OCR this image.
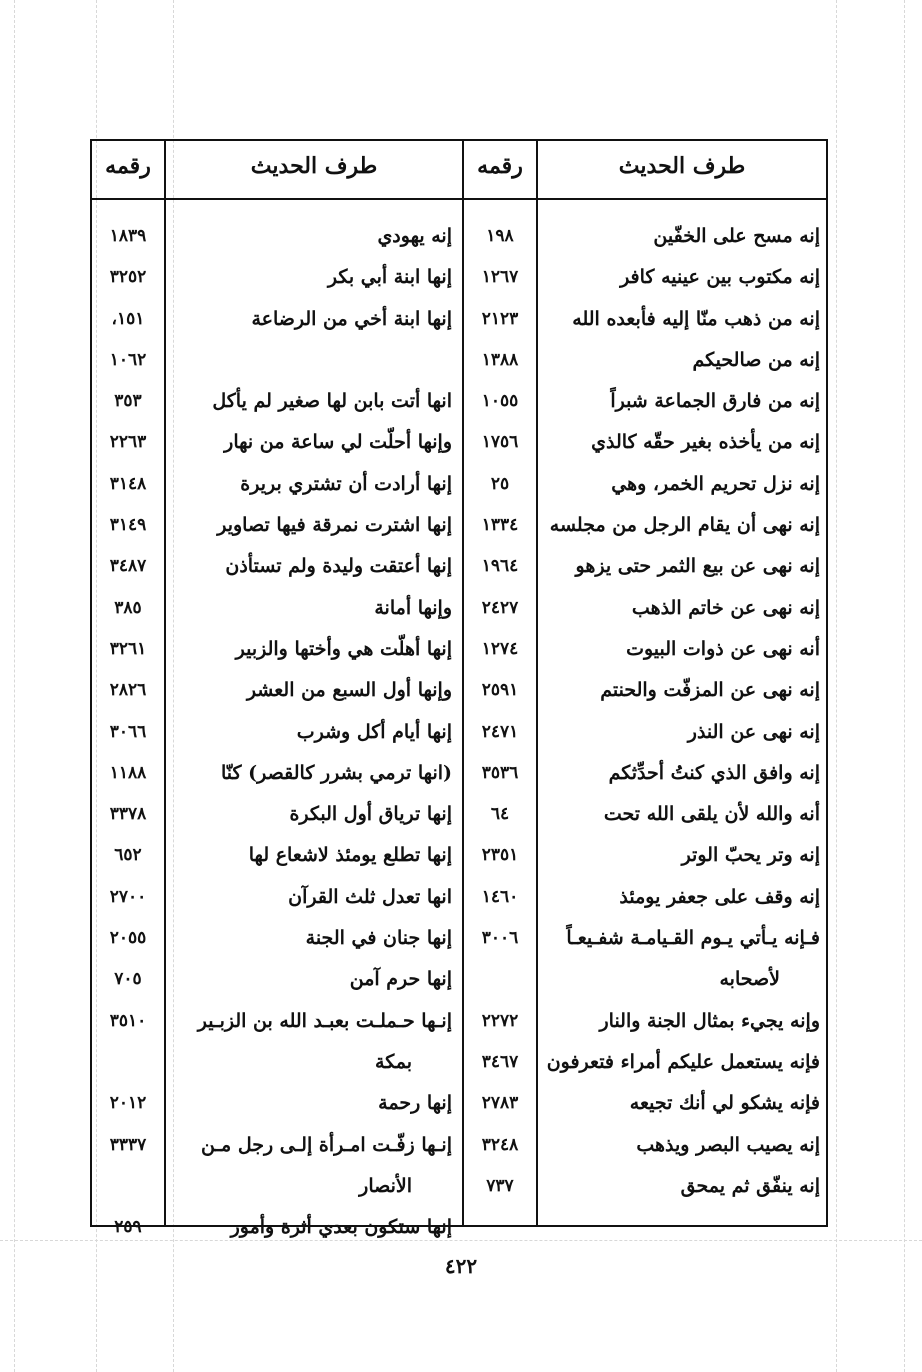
طرف الحديث
رقمه
طرف الحديث
رقمه
إنه مسح على الخفّين
إنه مكتوب بين عينيه كافر
إنه من ذهب منّا إليه فأبعده الله
إنه من صالحيكم
إنه من فارق الجماعة شبراً
إنه من يأخذه بغير حقّه كالذي
إنه نزل تحريم الخمر، وهي
إنه نهى أن يقام الرجل من مجلسه
إنه نهى عن بيع الثمر حتى يزهو
إنه نهى عن خاتم الذهب
أنه نهى عن ذوات البيوت
إنه نهى عن المزفّت والحنتم
إنه نهى عن النذر
إنه وافق الذي كنتُ أحدِّثكم
أنه والله لأن يلقى الله تحت
إنه وتر يحبّ الوتر
إنه وقف على جعفر يومئذ
فـإنه يـأتي يـوم القـيامـة شفـيعـاً
لأصحابه
وإنه يجيء بمثال الجنة والنار
فإنه يستعمل عليكم أمراء فتعرفون
فإنه يشكو لي أنك تجيعه
إنه يصيب البصر ويذهب
إنه ينفّق ثم يمحق
١٩٨
١٢٦٧
٢١٢٣
١٣٨٨
١٠٥٥
١٧٥٦
٢٥
١٣٣٤
١٩٦٤
٢٤٢٧
١٢٧٤
٢٥٩١
٢٤٧١
٣٥٣٦
٦٤
٢٣٥١
١٤٦٠
٣٠٠٦
٢٢٧٢
٣٤٦٧
٢٧٨٣
٣٢٤٨
٧٣٧
إنه يهودي
إنها ابنة أبي بكر
إنها ابنة أخي من الرضاعة
انها أتت بابن لها صغير لم يأكل
وإنها أحلّت لي ساعة من نهار
إنها أرادت أن تشتري بريرة
إنها اشترت نمرقة فيها تصاوير
إنها أعتقت وليدة ولم تستأذن
وإنها أمانة
إنها أهلّت هي وأختها والزبير
وإنها أول السبع من العشر
إنها أيام أكل وشرب
(انها ترمي بشرر كالقصر) كنّا
إنها ترياق أول البكرة
إنها تطلع يومئذ لاشعاع لها
انها تعدل ثلث القرآن
إنها جنان في الجنة
إنها حرم آمن
إنـها حـملـت بعبـد الله بن الزبـير
بمكة
إنها رحمة
إنـها زفّـت امـرأة إلـى رجل مـن
الأنصار
إنها ستكون بعدي أثرة وأمور
١٨٣٩
٣٢٥٢
١٥١،
١٠٦٢
٣٥٣
٢٢٦٣
٣١٤٨
٣١٤٩
٣٤٨٧
٣٨٥
٣٢٦١
٢٨٢٦
٣٠٦٦
١١٨٨
٣٣٧٨
٦٥٢
٢٧٠٠
٢٠٥٥
٧٠٥
٣٥١٠
٢٠١٢
٣٣٣٧
٢٥٩
٤٢٢
